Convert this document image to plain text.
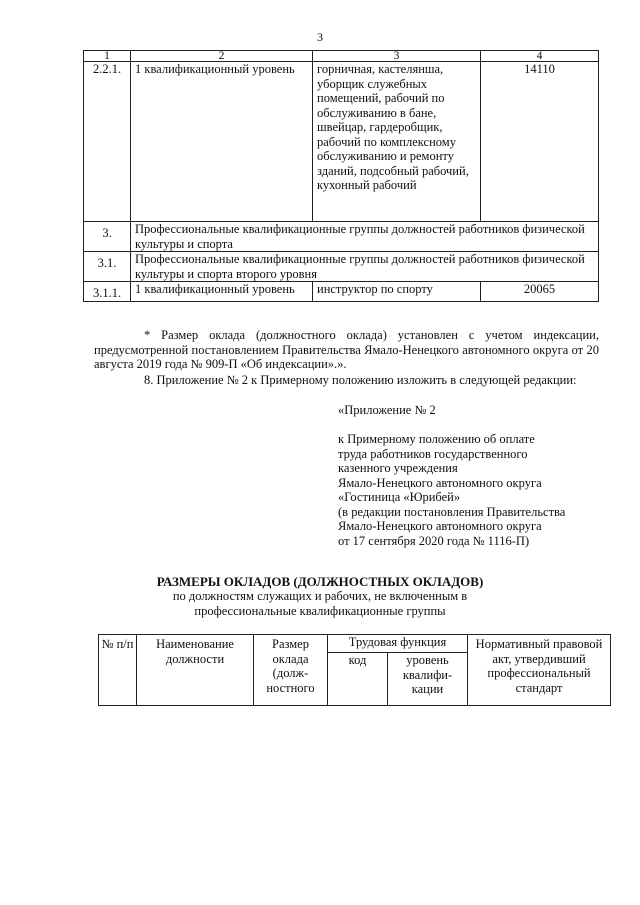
3
1	2	3	4
2.2.1.	1 квалификационный уровень	горничная, кастелянша, уборщик служебных помещений, рабочий по обслуживанию в бане, швейцар, гардеробщик, рабочий по комплексному обслуживанию и ремонту зданий, подсобный рабочий, кухонный рабочий	14110
3.	Профессиональные квалификационные группы должностей работников физической культуры и спорта		
3.1.	Профессиональные квалификационные группы должностей работников физической культуры и спорта второго уровня		
3.1.1.	1 квалификационный уровень	инструктор по спорту	20065
* Размер оклада (должностного оклада) установлен с учетом индексации, предусмотренной постановлением Правительства Ямало-Ненецкого автономного округа от 20 августа 2019 года № 909-П «Об индексации».».
8. Приложение № 2 к Примерному положению изложить в следующей редакции:
«Приложение № 2
к Примерному положению об оплате
труда работников государственного
казенного учреждения
Ямало-Ненецкого автономного округа
«Гостиница «Юрибей»
(в редакции постановления Правительства
Ямало-Ненецкого автономного округа
от 17 сентября 2020 года № 1116-П)
РАЗМЕРЫ ОКЛАДОВ (ДОЛЖНОСТНЫХ ОКЛАДОВ)
по должностям служащих и рабочих, не включенным в профессиональные квалификационные группы
№ п/п	Наименование должности	Размер оклада (долж-ностного	Трудовая функция		Нормативный правовой акт, утвердивший профессиональный стандарт

			код	уровень квалифи-кации	
